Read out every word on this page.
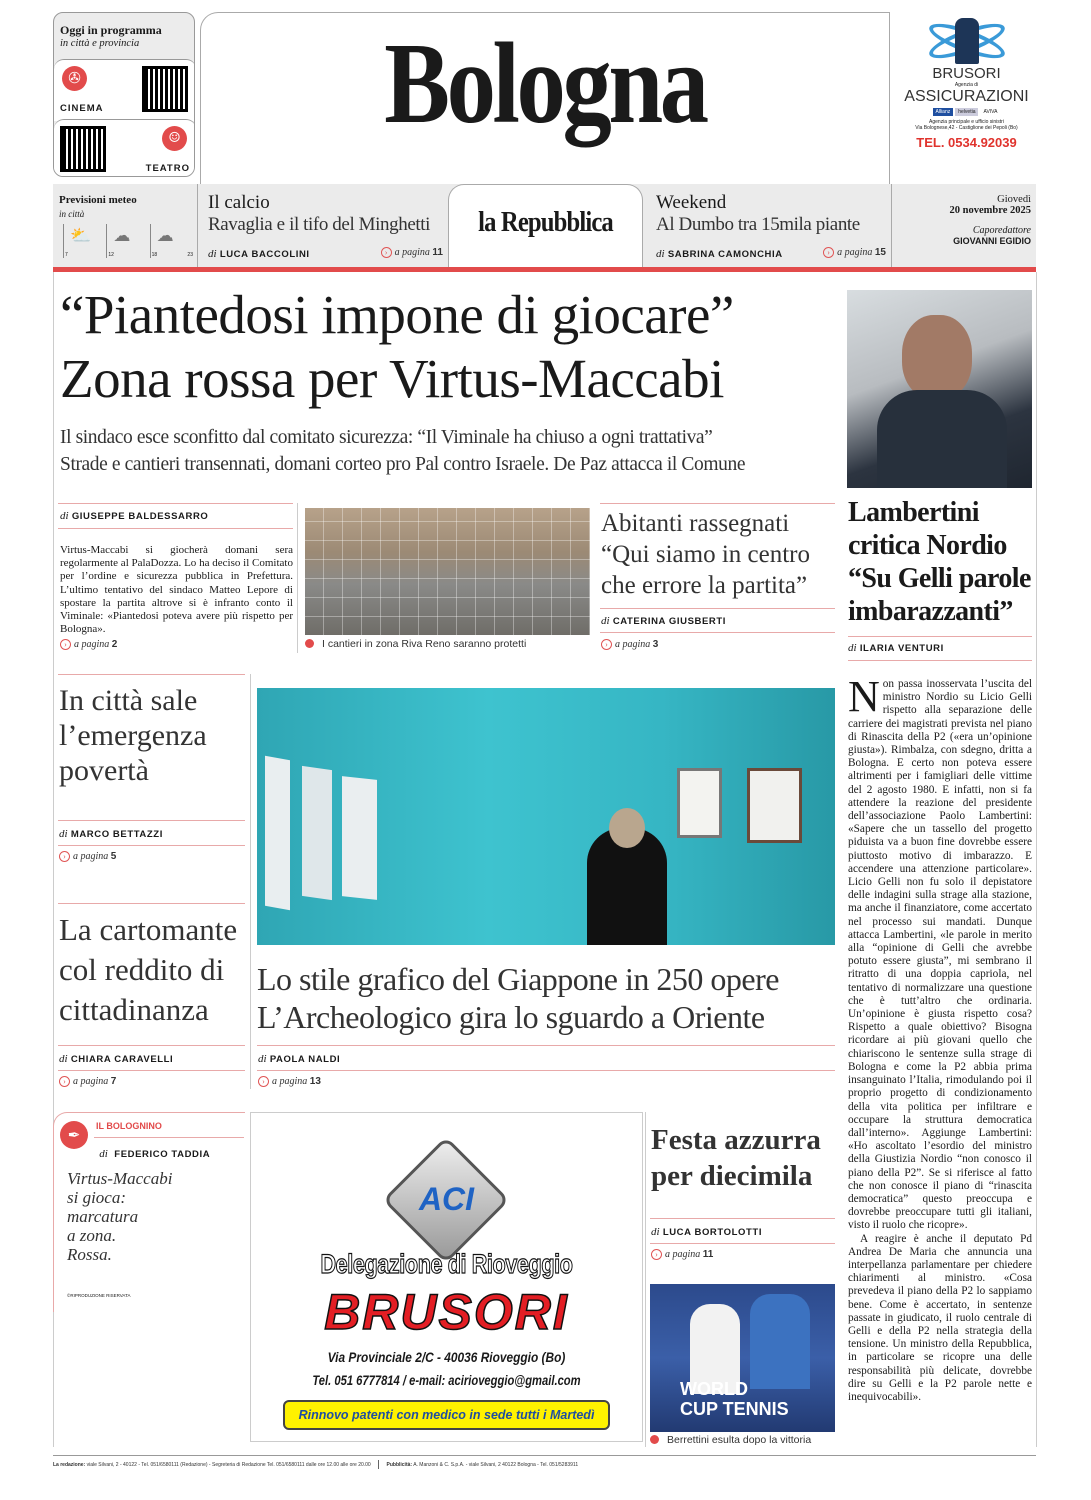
Oggi in programma
in città e provincia
✇
CINEMA
☺
TEATRO
Bologna	BRUSORI
Agenzia di
ASSICURAZIONI
Allianz	helvetia	AVIVA
Agenzia principale e ufficio sinistri
Via Bolognese,42 - Castiglione dei Pepoli (Bo)
TEL. 0534.92039
Previsioni meteo
in città
⛅
7
☁
12
☁
18	23
Il calcio
Ravaglia e il tifo del Minghetti
di LUCA BACCOLINI	› a pagina 11
la Repubblica
Weekend
Al Dumbo tra 15mila piante
di SABRINA CAMONCHIA	› a pagina 15
Giovedì
20 novembre 2025
Caporedattore
GIOVANNI EGIDIO
“Piantedosi impone di giocare”
Zona rossa per Virtus-Maccabi
Il sindaco esce sconfitto dal comitato sicurezza: “Il Viminale ha chiuso a ogni trattativa”
Strade e cantieri transennati, domani corteo pro Pal contro Israele. De Paz attacca il Comune
Lambertini critica Nordio “Su Gelli parole imbarazzanti”
di ILARIA VENTURI
Non passa inosservata l’uscita del ministro Nordio su Licio Gelli rispetto alla separazione delle carriere dei magistrati prevista nel piano di Rinascita della P2 («era un’opinione giusta»). Rimbalza, con sdegno, dritta a Bologna. E certo non poteva essere altrimenti per i famigliari delle vittime del 2 agosto 1980. E infatti, non si fa attendere la reazione del presidente dell’associazione Paolo Lambertini: «Sapere che un tassello del progetto piduista va a buon fine dovrebbe essere piuttosto motivo di imbarazzo. E accendere una attenzione particolare». Licio Gelli non fu solo il depistatore delle indagini sulla strage alla stazione, ma anche il finanziatore, come accertato nel processo sui mandati. Dunque attacca Lambertini, «le parole in merito alla “opinione di Gelli che avrebbe potuto essere giusta”, mi sembrano il ritratto di una doppia capriola, nel tentativo di normalizzare una questione che è tutt’altro che ordinaria. Un’opinione è giusta rispetto cosa? Rispetto a quale obiettivo? Bisogna ricordare ai più giovani quello che chiariscono le sentenze sulla strage di Bologna e come la P2 abbia prima insanguinato l’Italia, rimodulando poi il proprio progetto di condizionamento della vita politica per infiltrare e occupare la struttura democratica dall’interno». Aggiunge Lambertini: «Ho ascoltato l’esordio del ministro della Giustizia Nordio “non conosco il piano della P2”. Se si riferisce al fatto che non conosce il piano di “rinascita democratica” questo preoccupa e dovrebbe preoccupare tutti gli italiani, visto il ruolo che ricopre».

A reagire è anche il deputato Pd Andrea De Maria che annuncia una interpellanza parlamentare per chiedere chiarimenti al ministro. «Cosa prevedeva il piano della P2 lo sappiamo bene. Come è accertato, in sentenze passate in giudicato, il ruolo centrale di Gelli e della P2 nella strategia della tensione. Un ministro della Repubblica, in particolare se ricopre una delle responsabilità più delicate, dovrebbe dire su Gelli e la P2 parole nette e inequivocabili».

di GIUSEPPE BALDESSARRO
Virtus-Maccabi si giocherà domani sera regolarmente al PalaDozza. Lo ha deciso il Comitato per l’ordine e sicurezza pubblica in Prefettura. L’ultimo tentativo del sindaco Matteo Lepore di spostare la partita altrove si è infranto conto il Viminale: «Piantedosi poteva avere più rispetto per Bologna».
› a pagina 2	I cantieri in zona Riva Reno saranno protetti
Abitanti rassegnati “Qui siamo in centro che errore la partita”
di CATERINA GIUSBERTI
› a pagina 3
In città sale l’emergenza povertà
di MARCO BETTAZZI
› a pagina 5
La cartomante col reddito di cittadinanza
di CHIARA CARAVELLI
› a pagina 7
Lo stile grafico del Giappone in 250 opere
L’Archeologico gira lo sguardo a Oriente
di PAOLA NALDI
› a pagina 13
✒	IL BOLOGNINO
di FEDERICO TADDIA
Virtus-Maccabi
si gioca:
marcatura
a zona.
Rossa.
©RIPRODUZIONE RISERVATA
ACI
Delegazione di Rioveggio
BRUSORI
Via Provinciale 2/C - 40036 Rioveggio (Bo)
Tel. 051 6777814 / e-mail: acirioveggio@gmail.com
Rinnovo patenti con medico in sede tutti i Martedì
Festa azzurra per diecimila
di LUCA BORTOLOTTI
› a pagina 11
WORLD CUP TENNIS
Berrettini esulta dopo la vittoria
La redazione: viale Silvani, 2 - 40122 - Tel. 051/6580111 (Redazione) - Segreteria di Redazione Tel. 051/6580111 dalle ore 12.00 alle ore 20.00	Pubblicità: A. Manzoni & C. S.p.A. - viale Silvani, 2 40122 Bologna - Tel. 051/5283911
